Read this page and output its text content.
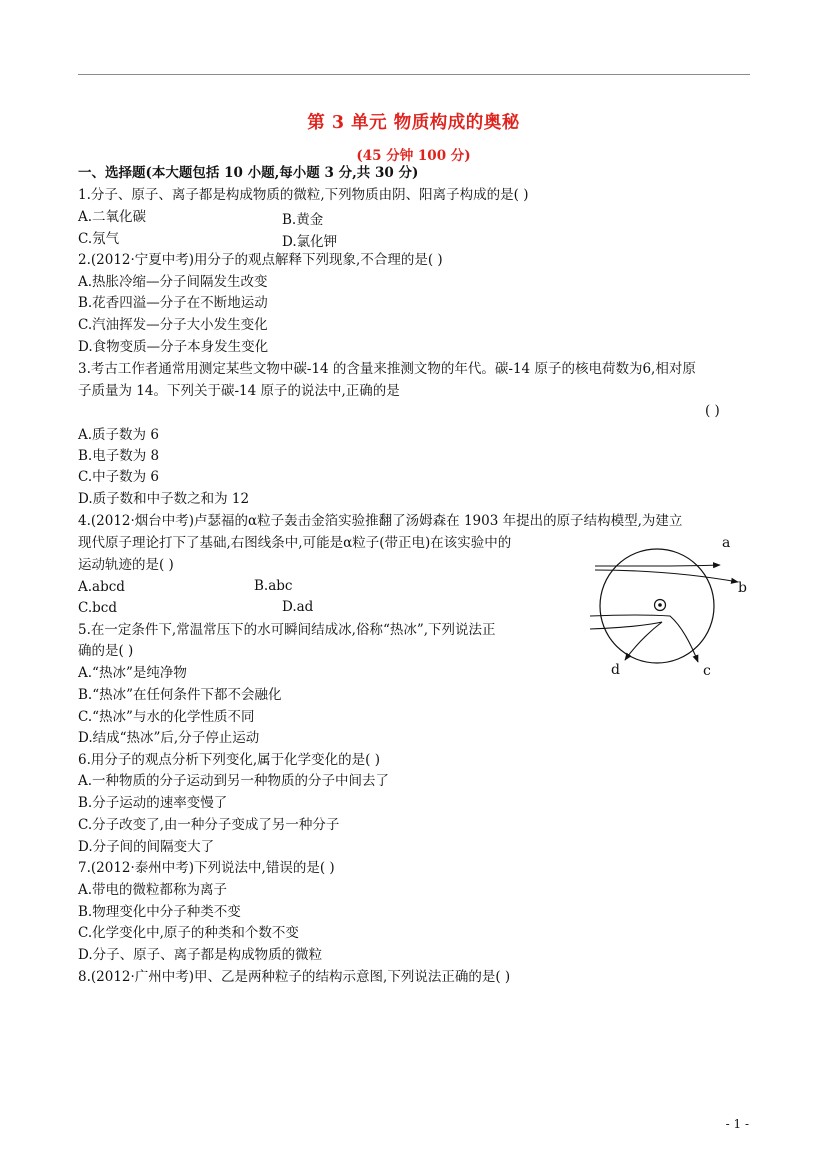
第 3 单元 物质构成的奥秘
(45 分钟 100 分)
一、选择题(本大题包括 10 小题,每小题 3 分,共 30 分)
1.分子、原子、离子都是构成物质的微粒,下列物质由阴、阳离子构成的是( )
A.二氧化碳	B.黄金
C.氖气	D.氯化钾
2.(2012·宁夏中考)用分子的观点解释下列现象,不合理的是( )
A.热胀冷缩—分子间隔发生改变
B.花香四溢—分子在不断地运动
C.汽油挥发—分子大小发生变化
D.食物变质—分子本身发生变化
3.考古工作者通常用测定某些文物中碳-14 的含量来推测文物的年代。碳-14 原子的核电荷数为6,相对原
子质量为 14。下列关于碳-14 原子的说法中,正确的是
( )
A.质子数为 6
B.电子数为 8
C.中子数为 6
D.质子数和中子数之和为 12
4.(2012·烟台中考)卢瑟福的α粒子轰击金箔实验推翻了汤姆森在 1903 年提出的原子结构模型,为建立
现代原子理论打下了基础,右图线条中,可能是α粒子(带正电)在该实验中的
运动轨迹的是( )
A.abcd	B.abc
C.bcd	D.ad
a
b
c
d
5.在一定条件下,常温常压下的水可瞬间结成冰,俗称“热冰”,下列说法正
确的是( )
A.“热冰”是纯净物
B.“热冰”在任何条件下都不会融化
C.“热冰”与水的化学性质不同
D.结成“热冰”后,分子停止运动
6.用分子的观点分析下列变化,属于化学变化的是( )
A.一种物质的分子运动到另一种物质的分子中间去了
B.分子运动的速率变慢了
C.分子改变了,由一种分子变成了另一种分子
D.分子间的间隔变大了
7.(2012·泰州中考)下列说法中,错误的是( )
A.带电的微粒都称为离子
B.物理变化中分子种类不变
C.化学变化中,原子的种类和个数不变
D.分子、原子、离子都是构成物质的微粒
8.(2012·广州中考)甲、乙是两种粒子的结构示意图,下列说法正确的是( )
- 1 -
